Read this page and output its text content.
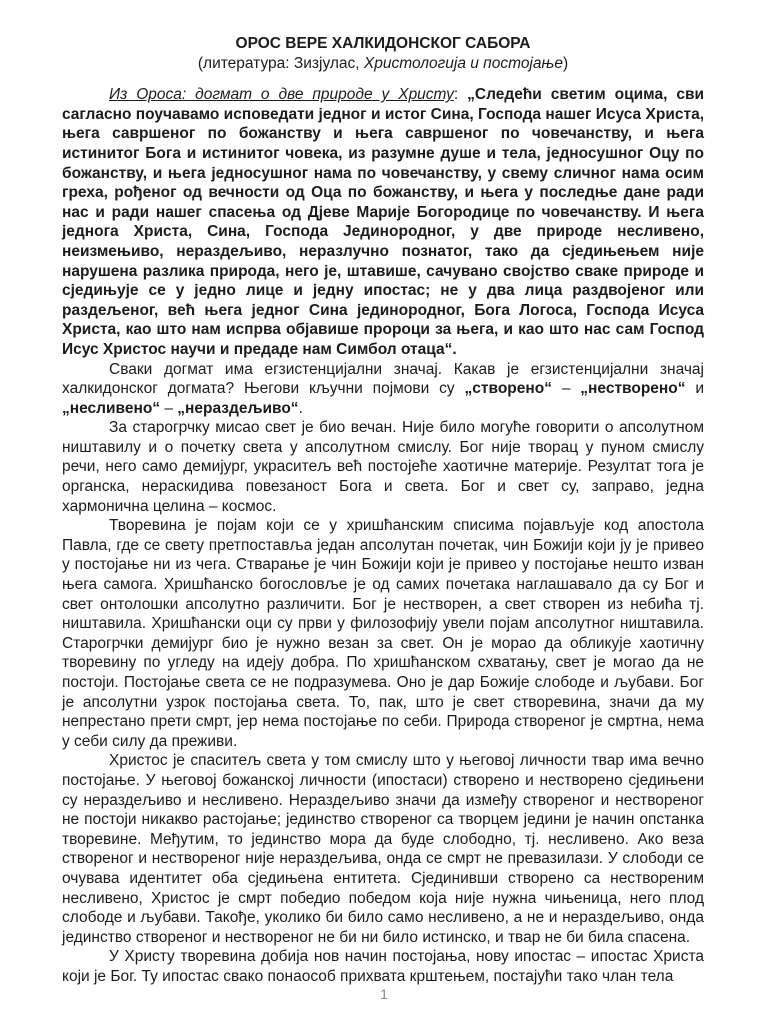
ОРОС ВЕРЕ ХАЛКИДОНСКОГ САБОРА
(литература: Зизјулас, Христологија и постојање)

Из Ороса: догмат о две природе у Христу: „Следећи светим оцима, сви сагласно поучавамо исповедати једног и истог Сина, Господа нашег Исуса Христа, њега савршеног по божанству и њега савршеног по човечанству, и њега истинитог Бога и истинитог човека, из разумне душе и тела, једносушног Оцу по божанству, и њега једносушног нама по човечанству, у свему сличног нама осим греха, рођеног од вечности од Оца по божанству, и њега у последње дане ради нас и ради нашег спасења од Дјеве Марије Богородице по човечанству. И њега једнога Христа, Сина, Господа Јединородног, у две природе несливено, неизмењиво, нераздељиво, неразлучно познатог, тако да сједињењем није нарушена разлика природа, него је, штавише, сачувано својство сваке природе и сједињује се у једно лице и једну ипостас; не у два лица раздвојеног или раздељеног, већ њега једног Сина јединородног, Бога Логоса, Господа Исуса Христа, као што нам испрва објавише пророци за њега, и као што нас сам Господ Исус Христос научи и предаде нам Симбол отаца“.

Сваки догмат има егзистенцијални значај. Какав је егзистенцијални значај халкидонског догмата? Његови кључни појмови су „створено“ – „нестворено“ и „несливено“ – „нераздељиво“.

За старогрчку мисао свет је био вечан. Није било могуће говорити о апсолутном ништавилу и о почетку света у апсолутном смислу. Бог није творац у пуном смислу речи, него само демијург, украситељ већ постојеће хаотичне материје. Резултат тога је органска, нераскидива повезаност Бога и света. Бог и свет су, заправо, једна хармонична целина – космос.

Творевина је појам који се у хришћанским списима појављује код апостола Павла, где се свету претпоставља један апсолутан почетак, чин Божији који ју је привео у постојање ни из чега. Стварање је чин Божији који је привео у постојање нешто изван њега самога. Хришћанско богословље је од самих почетака наглашавало да су Бог и свет онтолошки апсолутно различити. Бог је нестворен, а свет створен из небића тј. ништавила. Хришћански оци су први у филозофију увели појам апсолутног ништавила. Старогрчки демијург био је нужно везан за свет. Он је морао да обликује хаотичну творевину по угледу на идеју добра. По хришћанском схватању, свет је могао да не постоји. Постојање света се не подразумева. Оно је дар Божије слободе и љубави. Бог је апсолутни узрок постојања света. То, пак, што је свет створевина, значи да му непрестано прети смрт, јер нема постојање по себи. Природа створеног је смртна, нема у себи силу да преживи.

Христос је спаситељ света у том смислу што у његовој личности твар има вечно постојање. У његовој божанској личности (ипостаси) створено и нестворено сједињени су нераздељиво и несливено. Нераздељиво значи да између створеног и нествореног не постоји никакво растојање; јединство створеног са творцем једини је начин опстанка творевине. Међутим, то јединство мора да буде слободно, тј. несливено. Ако веза створеног и нествореног није нераздељива, онда се смрт не превазилази. У слободи се очувава идентитет оба сједињена ентитета. Сјединивши створено са нествореним несливено, Христос је смрт победио победом која није нужна чињеница, него плод слободе и љубави. Такође, уколико би било само несливено, а не и нераздељиво, онда јединство створеног и нествореног не би ни било истинско, и твар не би била спасена.

У Христу творевина добија нов начин постојања, нову ипостас – ипостас Христа који је Бог. Ту ипостас свако понаособ прихвата крштењем, постајући тако члан тела

1
